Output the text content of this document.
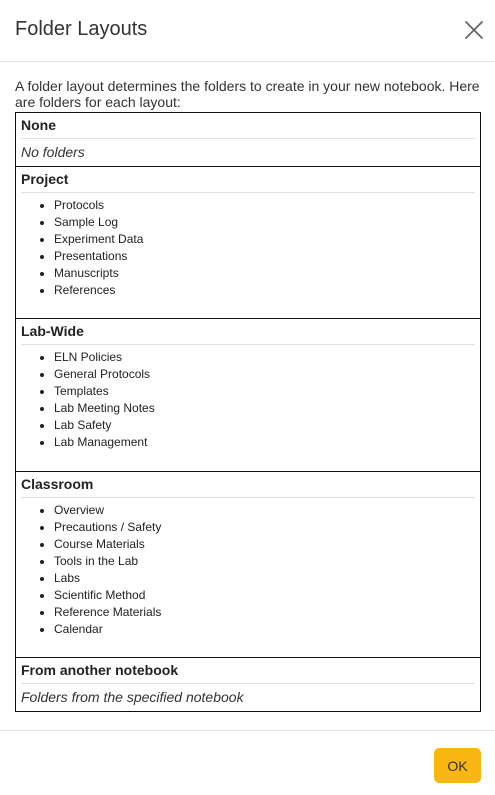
Folder Layouts

A folder layout determines the folders to create in your new notebook. Here are folders for each layout:

None
No folders
Project
• Protocols
• Sample Log
• Experiment Data
• Presentations
• Manuscripts
• References
Lab-Wide
• ELN Policies
• General Protocols
• Templates
• Lab Meeting Notes
• Lab Safety
• Lab Management
Classroom
• Overview
• Precautions / Safety
• Course Materials
• Tools in the Lab
• Labs
• Scientific Method
• Reference Materials
• Calendar
From another notebook
Folders from the specified notebook
OK
